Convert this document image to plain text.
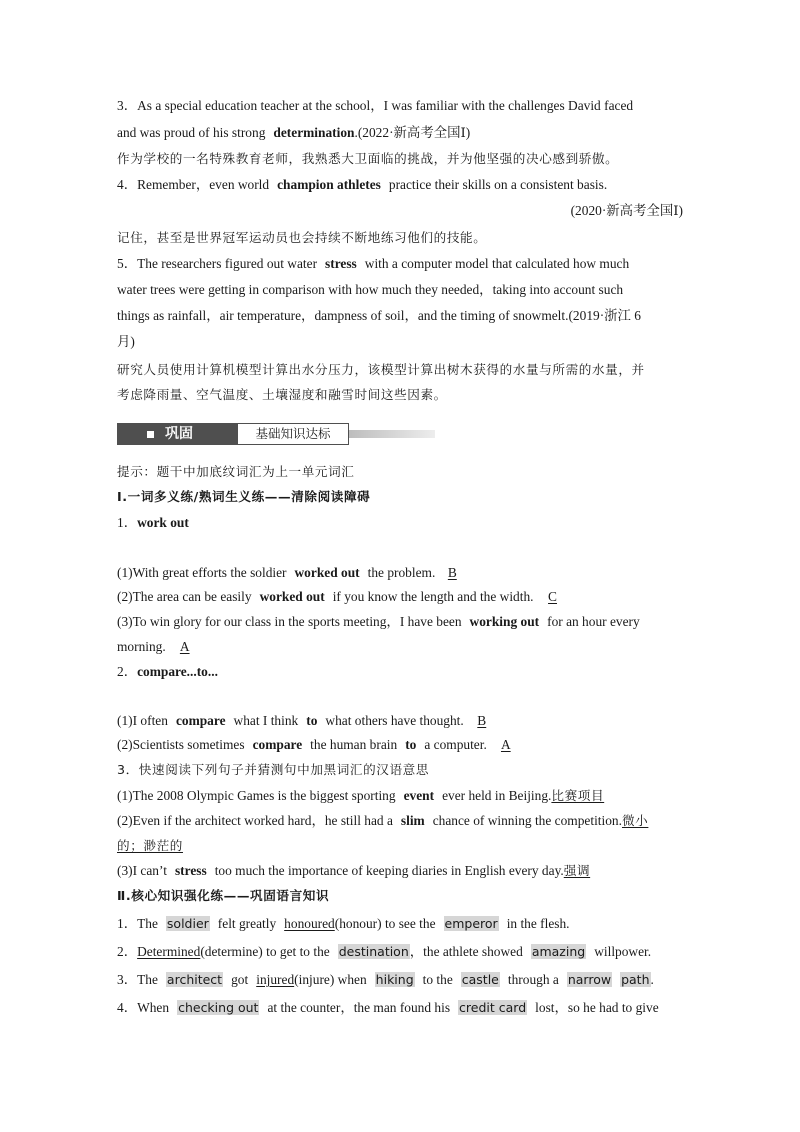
3．As a special education teacher at the school，I was familiar with the challenges David faced
and was proud of his strong determination.(2022·新高考全国Ⅰ)
作为学校的一名特殊教育老师，我熟悉大卫面临的挑战，并为他坚强的决心感到骄傲。
4．Remember，even world champion athletes practice their skills on a consistent basis.
(2020·新高考全国Ⅰ)
记住，甚至是世界冠军运动员也会持续不断地练习他们的技能。
5．The researchers figured out water stress with a computer model that calculated how much
water trees were getting in comparison with how much they needed，taking into account such
things as rainfall，air temperature，dampness of soil，and the timing of snowmelt.(2019·浙江 6
月)
研究人员使用计算机模型计算出水分压力，该模型计算出树木获得的水量与所需的水量，并
考虑降雨量、空气温度、土壤湿度和融雪时间这些因素。
巩固	基础知识达标
提示：题干中加底纹词汇为上一单元词汇
Ⅰ.一词多义练/熟词生义练——清除阅读障碍
1．work out
(1)With great efforts the soldier worked out the problem. B
(2)The area can be easily worked out if you know the length and the width. C
(3)To win glory for our class in the sports meeting，I have been working out for an hour every
morning. A
2．compare...to...
(1)I often compare what I think to what others have thought. B
(2)Scientists sometimes compare the human brain to a computer. A
3．快速阅读下列句子并猜测句中加黑词汇的汉语意思
(1)The 2008 Olympic Games is the biggest sporting event ever held in Beijing.比赛项目
(2)Even if the architect worked hard，he still had a slim chance of winning the competition.微小
的；渺茫的
(3)I can’t stress too much the importance of keeping diaries in English every day.强调
Ⅱ.核心知识强化练——巩固语言知识
1．The soldier felt greatly honoured(honour) to see the emperor in the flesh.
2．Determined(determine) to get to the destination，the athlete showed amazing willpower.
3．The architect got injured(injure) when hiking to the castle through a narrow path.
4．When checking out at the counter，the man found his credit card lost，so he had to give
